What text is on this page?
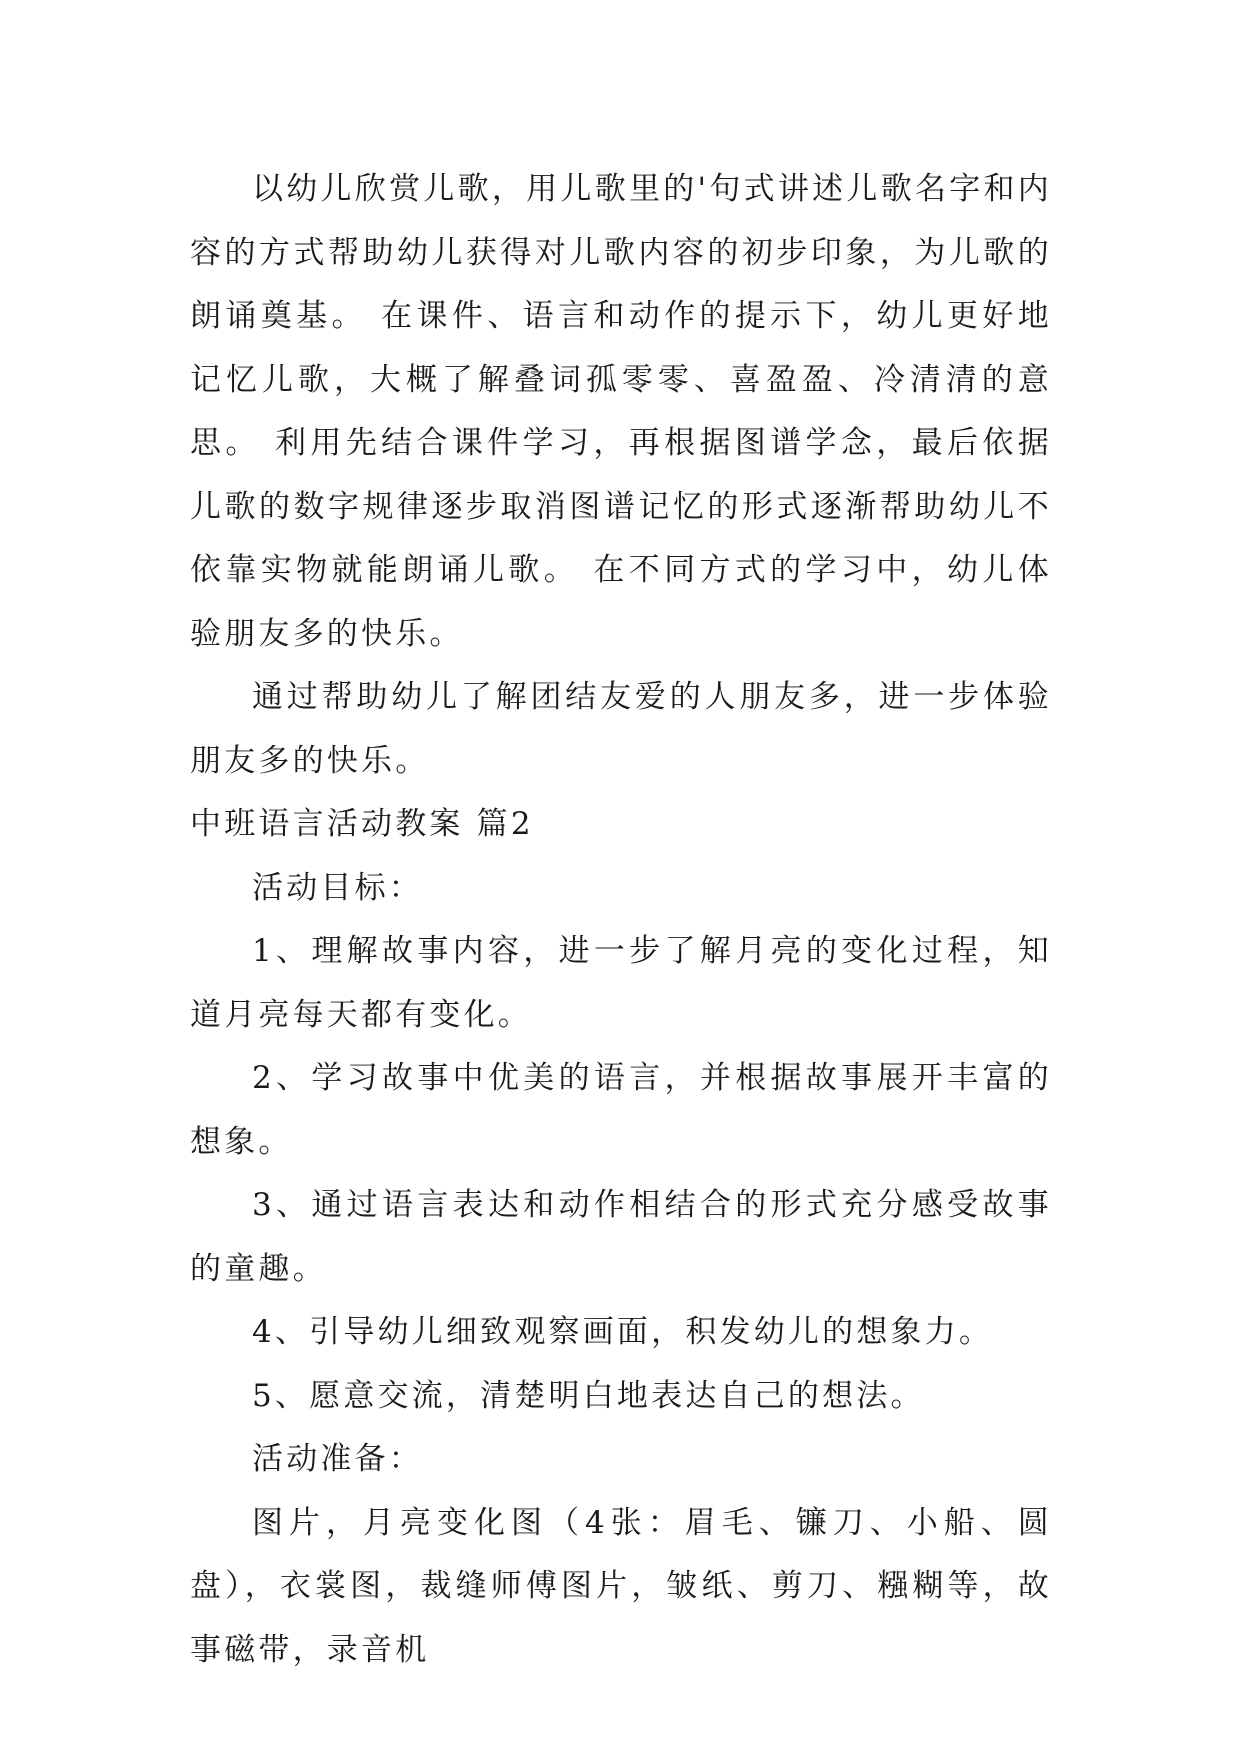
以幼儿欣赏儿歌，用儿歌里的'句式讲述儿歌名字和内容的方式帮助幼儿获得对儿歌内容的初步印象，为儿歌的朗诵奠基。 在课件、语言和动作的提示下，幼儿更好地记忆儿歌，大概了解叠词孤零零、喜盈盈、冷清清的意思。 利用先结合课件学习，再根据图谱学念，最后依据儿歌的数字规律逐步取消图谱记忆的形式逐渐帮助幼儿不依靠实物就能朗诵儿歌。 在不同方式的学习中，幼儿体验朋友多的快乐。

通过帮助幼儿了解团结友爱的人朋友多，进一步体验朋友多的快乐。

中班语言活动教案 篇2

活动目标：

1、理解故事内容，进一步了解月亮的变化过程，知道月亮每天都有变化。

2、学习故事中优美的语言，并根据故事展开丰富的想象。

3、通过语言表达和动作相结合的形式充分感受故事的童趣。

4、引导幼儿细致观察画面，积发幼儿的想象力。

5、愿意交流，清楚明白地表达自己的想法。

活动准备：

图片，月亮变化图（4张：眉毛、镰刀、小船、圆盘），衣裳图，裁缝师傅图片，皱纸、剪刀、糨糊等，故事磁带，录音机
